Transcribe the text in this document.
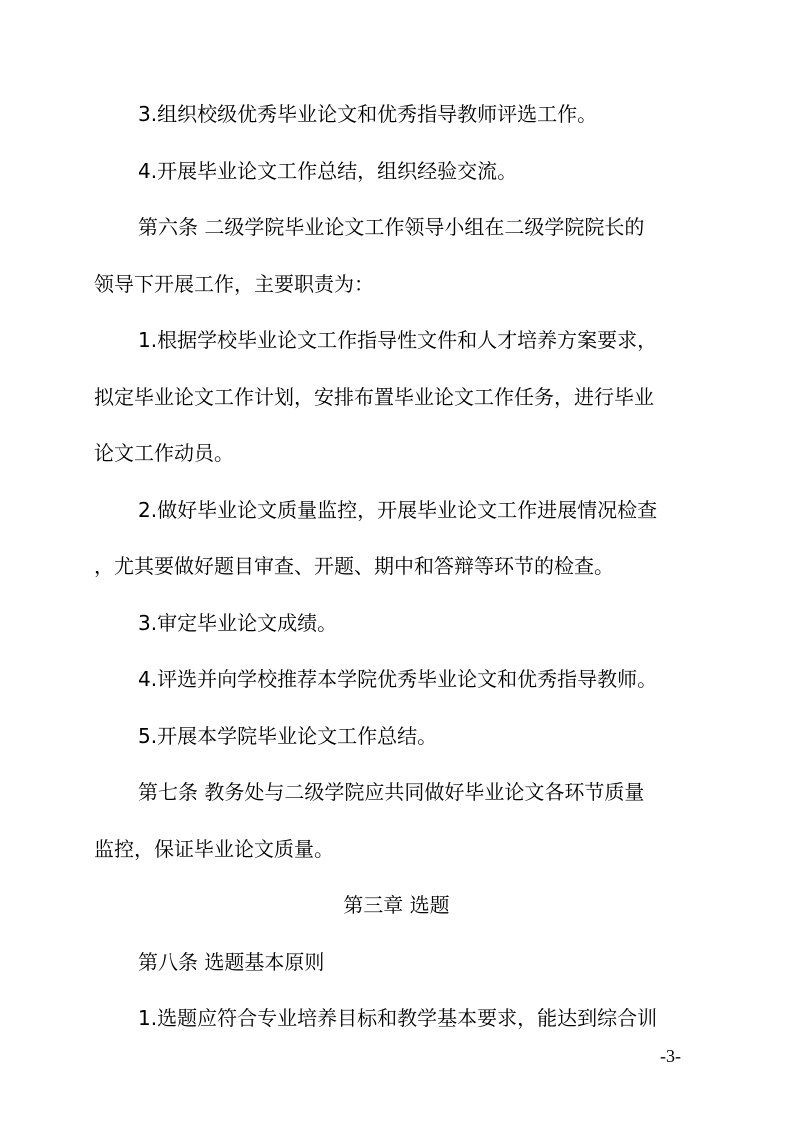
3.组织校级优秀毕业论文和优秀指导教师评选工作。
4.开展毕业论文工作总结，组织经验交流。
第六条 二级学院毕业论文工作领导小组在二级学院院长的
领导下开展工作，主要职责为：
1.根据学校毕业论文工作指导性文件和人才培养方案要求，
拟定毕业论文工作计划，安排布置毕业论文工作任务，进行毕业
论文工作动员。
2.做好毕业论文质量监控，开展毕业论文工作进展情况检查
，尤其要做好题目审查、开题、期中和答辩等环节的检查。
3.审定毕业论文成绩。
4.评选并向学校推荐本学院优秀毕业论文和优秀指导教师。
5.开展本学院毕业论文工作总结。
第七条 教务处与二级学院应共同做好毕业论文各环节质量
监控，保证毕业论文质量。
第三章 选题
第八条 选题基本原则
1.选题应符合专业培养目标和教学基本要求，能达到综合训
-3-
